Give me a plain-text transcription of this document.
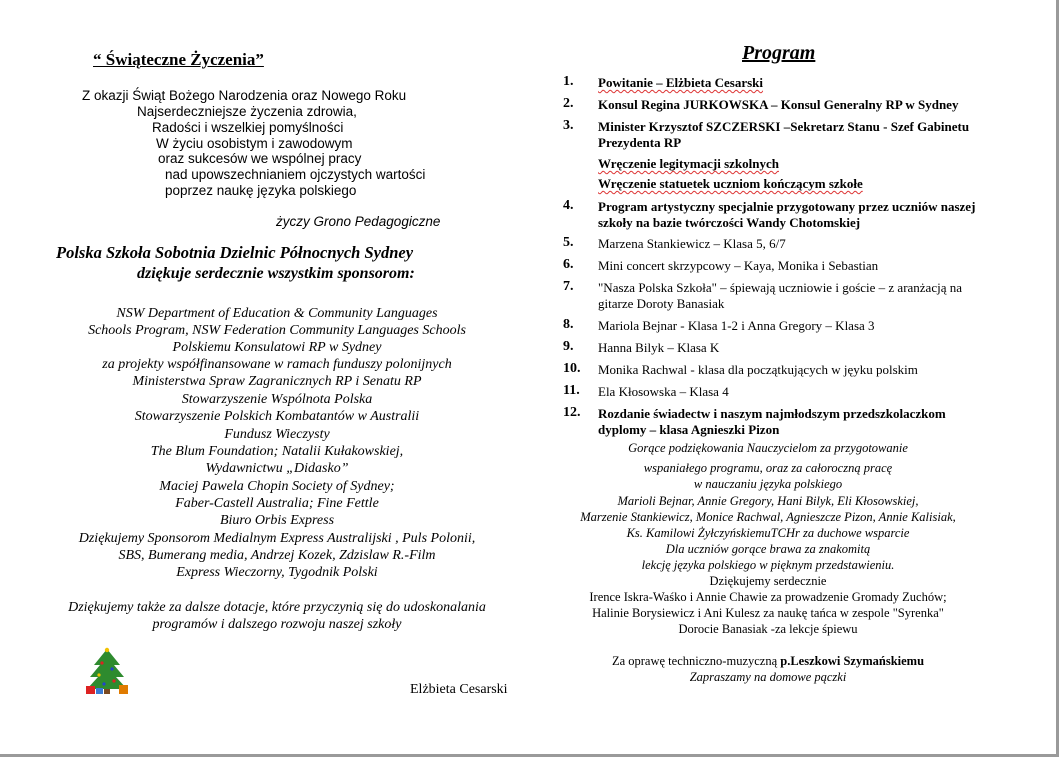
“ Świąteczne Życzenia”
Z okazji Świąt Bożego Narodzenia oraz Nowego Roku
Najserdeczniejsze życzenia zdrowia,
Radości i wszelkiej pomyślności
W życiu osobistym i zawodowym
oraz sukcesów we wspólnej pracy
nad upowszechnianiem ojczystych wartości
poprzez naukę języka polskiego
życzy Grono Pedagogiczne
Polska Szkoła Sobotnia Dzielnic Północnych Sydney
dziękuje serdecznie wszystkim sponsorom:
NSW Department of Education & Community Languages
Schools Program, NSW Federation Community Languages Schools
Polskiemu Konsulatowi RP w Sydney
za projekty współfinansowane w ramach funduszy polonijnych
Ministerstwa Spraw Zagranicznych RP i Senatu RP
Stowarzyszenie Wspólnota Polska
Stowarzyszenie Polskich Kombatantów w Australii
Fundusz Wieczysty
The Blum Foundation; Natalii Kułakowskiej,
Wydawnictwu „Didasko”
Maciej Pawela Chopin Society of Sydney;
Faber-Castell Australia; Fine Fettle
Biuro Orbis Express
Dziękujemy Sponsorom Medialnym Express Australijski , Puls Polonii,
SBS, Bumerang media, Andrzej Kozek, Zdzislaw R.-Film
Express Wieczorny, Tygodnik Polski
Dziękujemy także za dalsze dotacje, które przyczynią się do udoskonalania
programów i dalszego rozwoju naszej szkoły
Elżbieta Cesarski
Program
1. Powitanie – Elżbieta Cesarski
2. Konsul Regina JURKOWSKA – Konsul Generalny RP w Sydney
3. Minister Krzysztof SZCZERSKI –Sekretarz Stanu - Szef Gabinetu
Prezydenta RP
Wręczenie legitymacji szkolnych
Wręczenie statuetek uczniom kończącym szkołe
4. Program artystyczny specjalnie przygotowany przez uczniów naszej
szkoły na bazie twórczości Wandy Chotomskiej
5. Marzena Stankiewicz – Klasa 5, 6/7
6. Mini concert skrzypcowy – Kaya, Monika i Sebastian
7. "Nasza Polska Szkoła" – śpiewają uczniowie i goście – z aranżacją na
gitarze Doroty Banasiak
8. Mariola Bejnar - Klasa 1-2 i Anna Gregory – Klasa 3
9. Hanna Bilyk – Klasa K
10. Monika Rachwal - klasa dla początkujących w jęyku polskim
11. Ela Kłosowska – Klasa 4
12. Rozdanie świadectw i naszym najmłodszym przedszkolaczkom
dyplomy – klasa Agnieszki Pizon
Gorące podziękowania Nauczycielom za przygotowanie
wspaniałego programu, oraz za całoroczną pracę
w nauczaniu języka polskiego
Marioli Bejnar, Annie Gregory, Hani Bilyk, Eli Kłosowskiej,
Marzenie Stankiewicz, Monice Rachwal, Agnieszcze Pizon, Annie Kalisiak,
Ks. Kamilowi ŻyłczyńskiemuTCHr za duchowe wsparcie
Dla uczniów gorące brawa za znakomitą
lekcję języka polskiego w pięknym przedstawieniu.
Dziękujemy serdecznie
Irence Iskra-Waśko i Annie Chawie za prowadzenie Gromady Zuchów;
Halinie Borysiewicz i Ani Kulesz za naukę tańca w zespole "Syrenka"
Dorocie Banasiak -za lekcje śpiewu
Za oprawę techniczno-muzyczną p.Leszkowi Szymańskiemu
Zapraszamy na domowe pączki
